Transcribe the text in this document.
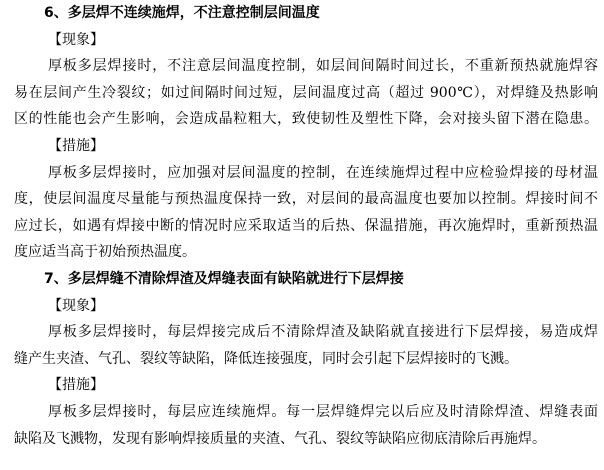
6、多层焊不连续施焊，不注意控制层间温度
【现象】
厚板多层焊接时，不注意层间温度控制，如层间间隔时间过长，不重新预热就施焊容
易在层间产生冷裂纹；如过间隔时间过短，层间温度过高（超过 900℃），对焊缝及热影响
区的性能也会产生影响，会造成晶粒粗大，致使韧性及塑性下降，会对接头留下潜在隐患。
【措施】
厚板多层焊接时，应加强对层间温度的控制，在连续施焊过程中应检验焊接的母材温
度，使层间温度尽量能与预热温度保持一致，对层间的最高温度也要加以控制。焊接时间不
应过长，如遇有焊接中断的情况时应采取适当的后热、保温措施，再次施焊时，重新预热温
度应适当高于初始预热温度。
7、多层焊缝不清除焊渣及焊缝表面有缺陷就进行下层焊接
【现象】
厚板多层焊接时，每层焊接完成后不清除焊渣及缺陷就直接进行下层焊接，易造成焊
缝产生夹渣、气孔、裂纹等缺陷，降低连接强度，同时会引起下层焊接时的飞溅。
【措施】
厚板多层焊接时，每层应连续施焊。每一层焊缝焊完以后应及时清除焊渣、焊缝表面
缺陷及飞溅物，发现有影响焊接质量的夹渣、气孔、裂纹等缺陷应彻底清除后再施焊。
